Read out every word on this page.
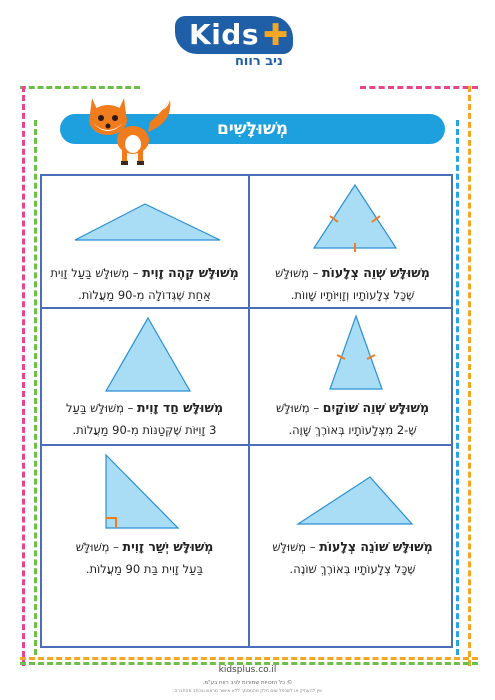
Kids ✚
ניב רווח
מְשׁוּלָּשִׁים
מְשׁוּלָּשׁ שְׁוֵה צְלָעוֹת – מְשׁוּלָּשׁ
שֶׁכָּל צְלָעוֹתָיו וְזָוִיּוֹתָיו שָׁווֹת.
מְשׁוּלָּשׁ קֵהֶה זָוִית – מְשׁוּלָּשׁ בַּעַל זָוִית
אַחַת שֶׁגְּדוֹלָה מִ-90 מַעֲלוֹת.
מְשׁוּלָּשׁ שְׁוֵה שׁוֹקַיִם – מְשׁוּלָּשׁ
שֶׁ-2 מִצְּלָעוֹתָיו בְּאוֹרֶךְ שָׁוֶה.
מְשׁוּלָּשׁ חַד זָוִית – מְשׁוּלָּשׁ בַּעַל
3 זָוִיּוֹת שֶׁקְּטַנּוֹת מִ-90 מַעֲלוֹת.
מְשׁוּלָּשׁ שׁוֹנֵה צְלָעוֹת – מְשׁוּלָּשׁ
שֶׁכָּל צְלָעוֹתָיו בְּאוֹרֶךְ שׁוֹנֶה.
מְשׁוּלָּשׁ יְשַׁר זָוִית – מְשׁוּלָּשׁ
בַּעַל זָוִית בַּת 90 מַעֲלוֹת.
kidsplus.co.il
© כל הזכויות שמורות לניב רווח בע"מ.
אין להעתיק או לשכפל שום חלק מהמסמך ללא אישור מראש ובכתב מהחברה.
